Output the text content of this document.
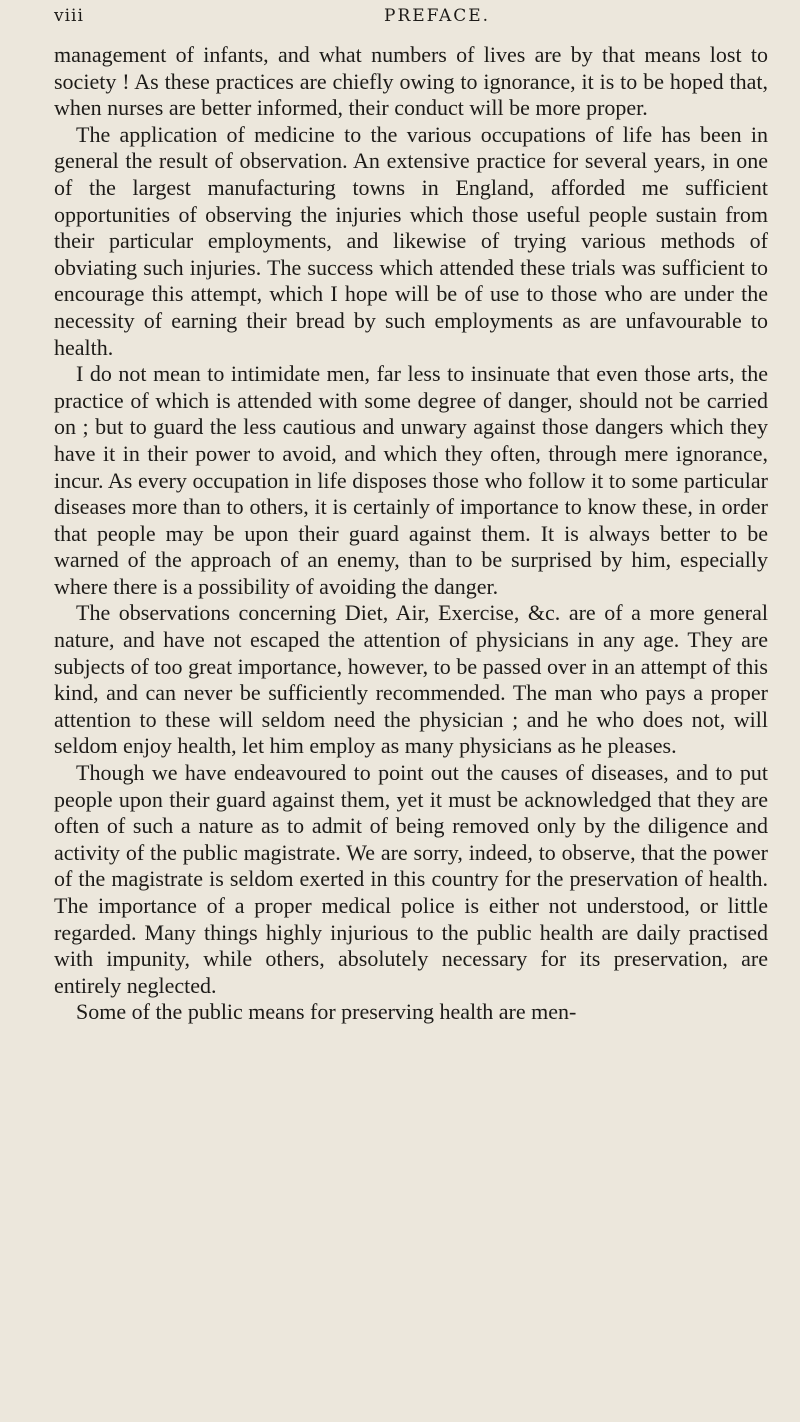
viii	PREFACE.

management of infants, and what numbers of lives are by that means lost to society ! As these practices are chiefly owing to ignorance, it is to be hoped that, when nurses are better informed, their conduct will be more proper.

The application of medicine to the various occupations of life has been in general the result of observation. An extensive practice for several years, in one of the largest manufacturing towns in England, afforded me sufficient opportunities of observing the injuries which those useful people sustain from their particular employments, and likewise of trying various methods of obviating such injuries. The success which attended these trials was sufficient to encourage this attempt, which I hope will be of use to those who are under the necessity of earning their bread by such employments as are unfavourable to health.

I do not mean to intimidate men, far less to insinuate that even those arts, the practice of which is attended with some degree of danger, should not be carried on ; but to guard the less cautious and unwary against those dangers which they have it in their power to avoid, and which they often, through mere ignorance, incur. As every occupation in life disposes those who follow it to some particular diseases more than to others, it is certainly of importance to know these, in order that people may be upon their guard against them. It is always better to be warned of the approach of an enemy, than to be surprised by him, especially where there is a possibility of avoiding the danger.

The observations concerning Diet, Air, Exercise, &c. are of a more general nature, and have not escaped the attention of physicians in any age. They are subjects of too great importance, however, to be passed over in an attempt of this kind, and can never be sufficiently recommended. The man who pays a proper attention to these will seldom need the physician ; and he who does not, will seldom enjoy health, let him employ as many physicians as he pleases.

Though we have endeavoured to point out the causes of diseases, and to put people upon their guard against them, yet it must be acknowledged that they are often of such a nature as to admit of being removed only by the diligence and activity of the public magistrate. We are sorry, indeed, to observe, that the power of the magistrate is seldom exerted in this country for the preservation of health. The importance of a proper medical police is either not understood, or little regarded. Many things highly injurious to the public health are daily practised with impunity, while others, absolutely necessary for its preservation, are entirely neglected.

Some of the public means for preserving health are men-
